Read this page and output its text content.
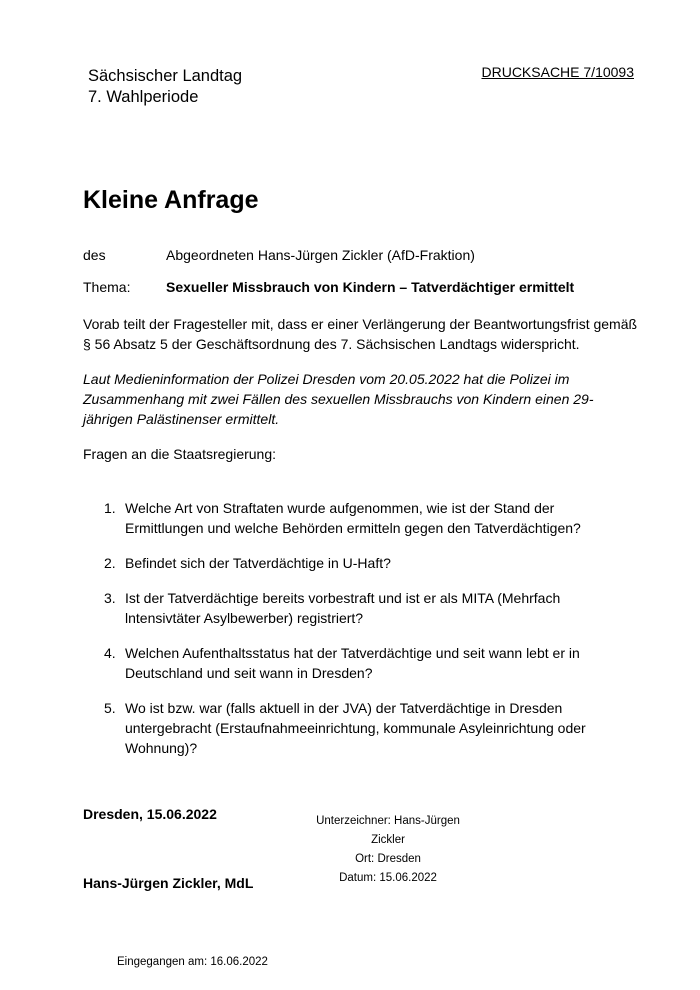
Sächsischer Landtag
7. Wahlperiode
DRUCKSACHE 7/10093
Kleine Anfrage
des	Abgeordneten Hans-Jürgen Zickler (AfD-Fraktion)
Thema:	Sexueller Missbrauch von Kindern – Tatverdächtiger ermittelt
Vorab teilt der Fragesteller mit, dass er einer Verlängerung der Beantwortungsfrist gemäß
§ 56 Absatz 5 der Geschäftsordnung des 7. Sächsischen Landtags widerspricht.
Laut Medieninformation der Polizei Dresden vom 20.05.2022 hat die Polizei im
Zusammenhang mit zwei Fällen des sexuellen Missbrauchs von Kindern einen 29-
jährigen Palästinenser ermittelt.
Fragen an die Staatsregierung:
1. Welche Art von Straftaten wurde aufgenommen, wie ist der Stand der
Ermittlungen und welche Behörden ermitteln gegen den Tatverdächtigen?
2. Befindet sich der Tatverdächtige in U-Haft?
3. Ist der Tatverdächtige bereits vorbestraft und ist er als MITA (Mehrfach
lntensivtäter Asylbewerber) registriert?
4. Welchen Aufenthaltsstatus hat der Tatverdächtige und seit wann lebt er in
Deutschland und seit wann in Dresden?
5. Wo ist bzw. war (falls aktuell in der JVA) der Tatverdächtige in Dresden
untergebracht (Erstaufnahmeeinrichtung, kommunale Asyleinrichtung oder
Wohnung)?
Dresden, 15.06.2022	Unterzeichner: Hans-Jürgen
Zickler
Ort: Dresden
Datum: 15.06.2022
Hans-Jürgen Zickler, MdL
Eingegangen am: 16.06.2022
